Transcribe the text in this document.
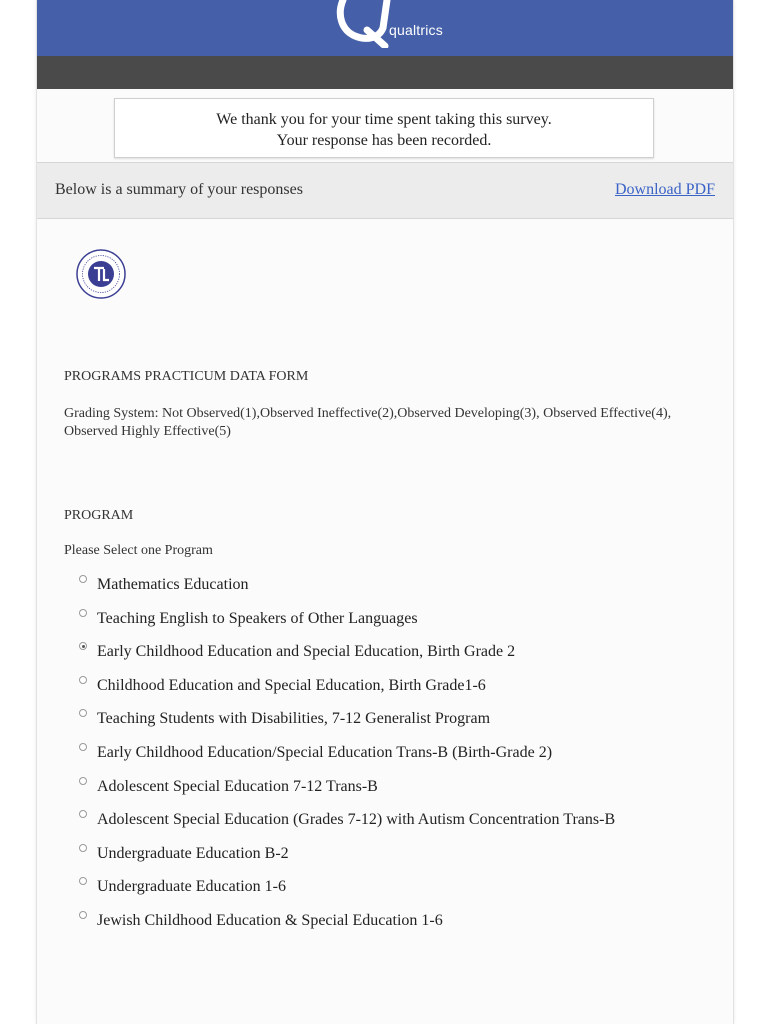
qualtrics
We thank you for your time spent taking this survey.
Your response has been recorded.
Below is a summary of your responses	Download PDF
PROGRAMS PRACTICUM DATA FORM
Grading System: Not Observed(1),Observed Ineffective(2),Observed Developing(3), Observed Effective(4), Observed Highly Effective(5)
PROGRAM
Please Select one Program
Mathematics Education
Teaching English to Speakers of Other Languages
Early Childhood Education and Special Education, Birth Grade 2
Childhood Education and Special Education, Birth Grade1-6
Teaching Students with Disabilities, 7-12 Generalist Program
Early Childhood Education/Special Education Trans-B (Birth-Grade 2)
Adolescent Special Education 7-12 Trans-B
Adolescent Special Education (Grades 7-12) with Autism Concentration Trans-B
Undergraduate Education B-2
Undergraduate Education 1-6
Jewish Childhood Education & Special Education 1-6
